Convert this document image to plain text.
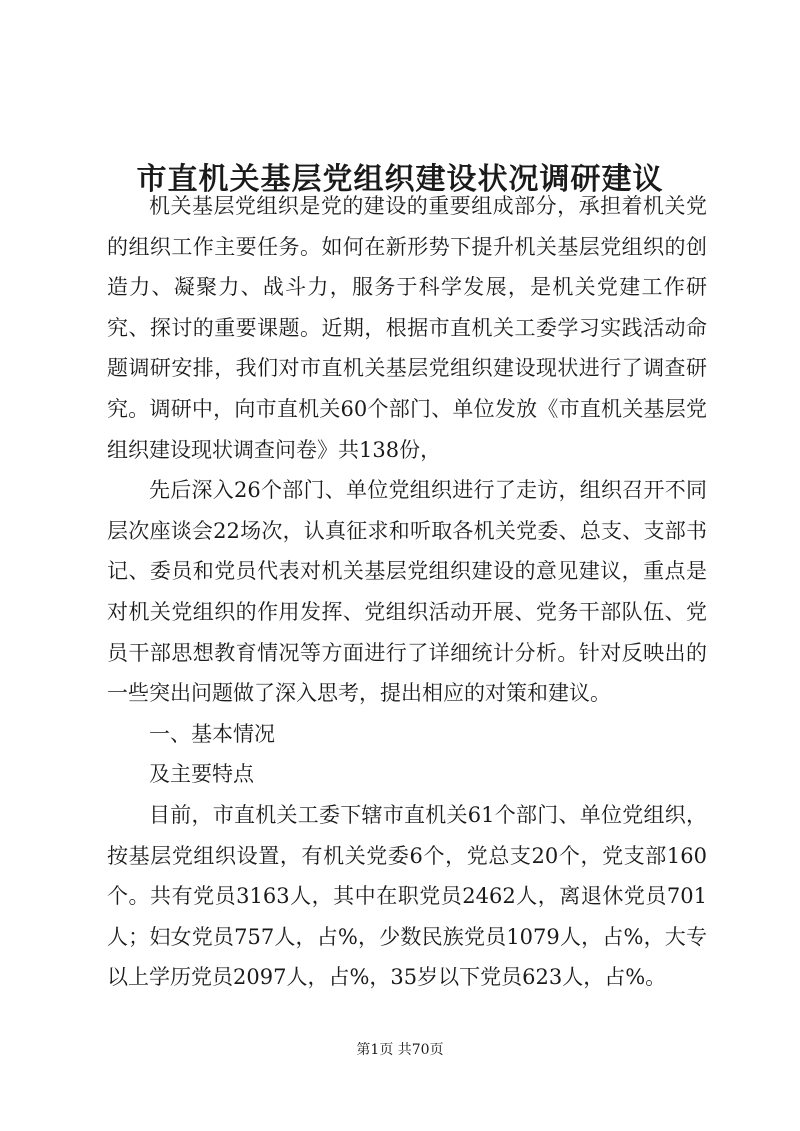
市直机关基层党组织建设状况调研建议

机关基层党组织是党的建设的重要组成部分，承担着机关党的组织工作主要任务。如何在新形势下提升机关基层党组织的创造力、凝聚力、战斗力，服务于科学发展，是机关党建工作研究、探讨的重要课题。近期，根据市直机关工委学习实践活动命题调研安排，我们对市直机关基层党组织建设现状进行了调查研究。调研中，向市直机关60个部门、单位发放《市直机关基层党组织建设现状调查问卷》共138份，

先后深入26个部门、单位党组织进行了走访，组织召开不同层次座谈会22场次，认真征求和听取各机关党委、总支、支部书记、委员和党员代表对机关基层党组织建设的意见建议，重点是对机关党组织的作用发挥、党组织活动开展、党务干部队伍、党员干部思想教育情况等方面进行了详细统计分析。针对反映出的一些突出问题做了深入思考，提出相应的对策和建议。

一、基本情况

及主要特点

目前，市直机关工委下辖市直机关61个部门、单位党组织，按基层党组织设置，有机关党委6个，党总支20个，党支部160个。共有党员3163人，其中在职党员2462人，离退休党员701人；妇女党员757人，占%，少数民族党员1079人，占%，大专以上学历党员2097人，占%，35岁以下党员623人，占%。

第1页 共70页
